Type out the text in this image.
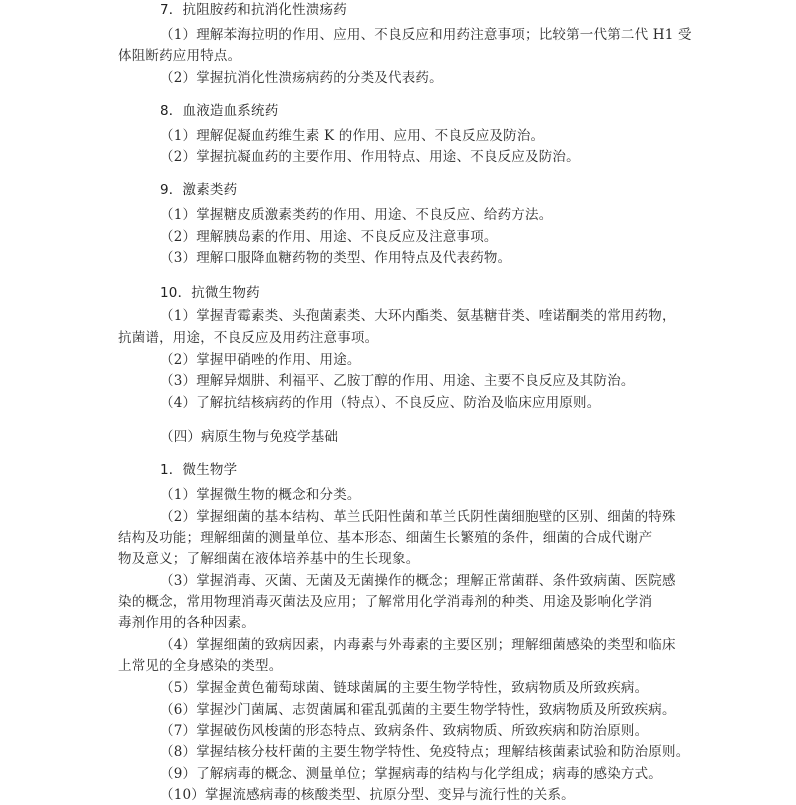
7．抗阻胺药和抗消化性溃疡药
（1）理解苯海拉明的作用、应用、不良反应和用药注意事项；比较第一代第二代 H1 受
体阻断药应用特点。
（2）掌握抗消化性溃疡病药的分类及代表药。
8．血液造血系统药
（1）理解促凝血药维生素 K 的作用、应用、不良反应及防治。
（2）掌握抗凝血药的主要作用、作用特点、用途、不良反应及防治。
9．激素类药
（1）掌握糖皮质激素类药的作用、用途、不良反应、给药方法。
（2）理解胰岛素的作用、用途、不良反应及注意事项。
（3）理解口服降血糖药物的类型、作用特点及代表药物。
10．抗微生物药
（1）掌握青霉素类、头孢菌素类、大环内酯类、氨基糖苷类、喹诺酮类的常用药物，
抗菌谱，用途，不良反应及用药注意事项。
（2）掌握甲硝唑的作用、用途。
（3）理解异烟肼、利福平、乙胺丁醇的作用、用途、主要不良反应及其防治。
（4）了解抗结核病药的作用（特点）、不良反应、防治及临床应用原则。
（四）病原生物与免疫学基础
1．微生物学
（1）掌握微生物的概念和分类。
（2）掌握细菌的基本结构、革兰氏阳性菌和革兰氏阴性菌细胞壁的区别、细菌的特殊
结构及功能；理解细菌的测量单位、基本形态、细菌生长繁殖的条件，细菌的合成代谢产
物及意义；了解细菌在液体培养基中的生长现象。
（3）掌握消毒、灭菌、无菌及无菌操作的概念；理解正常菌群、条件致病菌、医院感
染的概念，常用物理消毒灭菌法及应用；了解常用化学消毒剂的种类、用途及影响化学消
毒剂作用的各种因素。
（4）掌握细菌的致病因素，内毒素与外毒素的主要区别；理解细菌感染的类型和临床
上常见的全身感染的类型。
（5）掌握金黄色葡萄球菌、链球菌属的主要生物学特性，致病物质及所致疾病。
（6）掌握沙门菌属、志贺菌属和霍乱弧菌的主要生物学特性，致病物质及所致疾病。
（7）掌握破伤风梭菌的形态特点、致病条件、致病物质、所致疾病和防治原则。
（8）掌握结核分枝杆菌的主要生物学特性、免疫特点；理解结核菌素试验和防治原则。
（9）了解病毒的概念、测量单位；掌握病毒的结构与化学组成；病毒的感染方式。
（10）掌握流感病毒的核酸类型、抗原分型、变异与流行性的关系。
